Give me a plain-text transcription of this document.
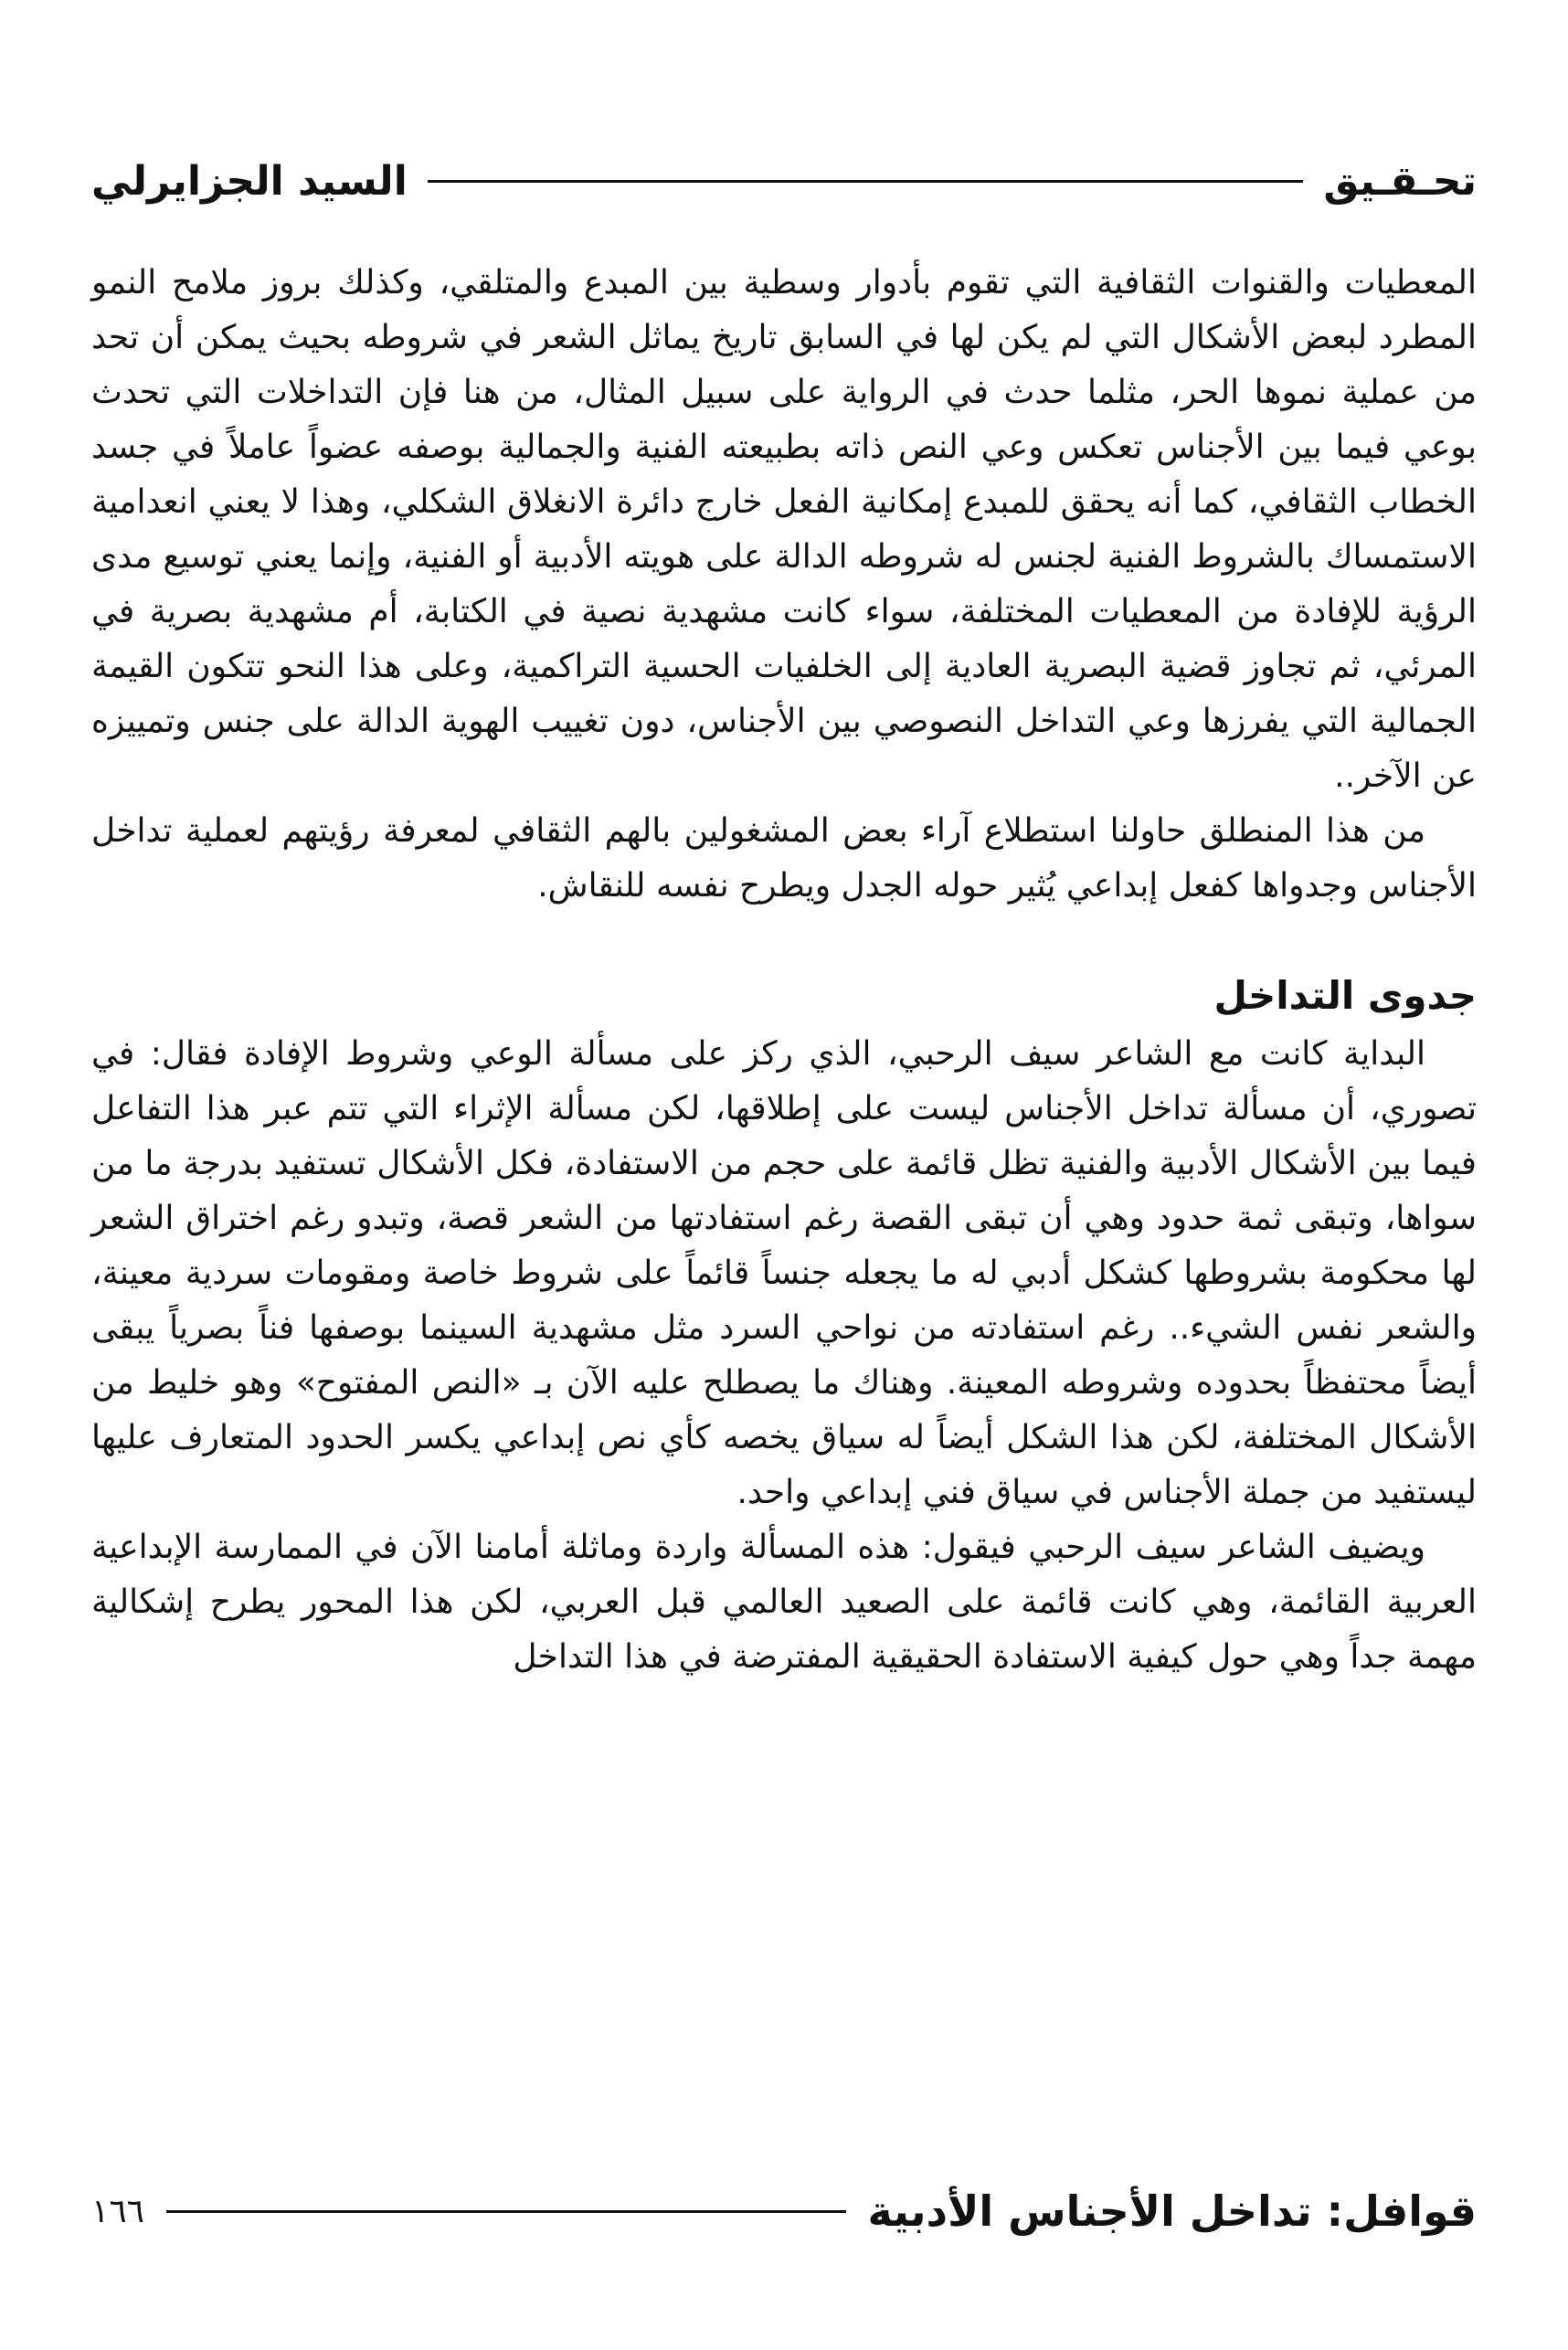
تحـقـيق
السيد الجزايرلي

المعطيات والقنوات الثقافية التي تقوم بأدوار وسطية بين المبدع والمتلقي، وكذلك بروز ملامح النمو المطرد لبعض الأشكال التي لم يكن لها في السابق تاريخ يماثل الشعر في شروطه بحيث يمكن أن تحد من عملية نموها الحر، مثلما حدث في الرواية على سبيل المثال، من هنا فإن التداخلات التي تحدث بوعي فيما بين الأجناس تعكس وعي النص ذاته بطبيعته الفنية والجمالية بوصفه عضواً عاملاً في جسد الخطاب الثقافي، كما أنه يحقق للمبدع إمكانية الفعل خارج دائرة الانغلاق الشكلي، وهذا لا يعني انعدامية الاستمساك بالشروط الفنية لجنس له شروطه الدالة على هويته الأدبية أو الفنية، وإنما يعني توسيع مدى الرؤية للإفادة من المعطيات المختلفة، سواء كانت مشهدية نصية في الكتابة، أم مشهدية بصرية في المرئي، ثم تجاوز قضية البصرية العادية إلى الخلفيات الحسية التراكمية، وعلى هذا النحو تتكون القيمة الجمالية التي يفرزها وعي التداخل النصوصي بين الأجناس، دون تغييب الهوية الدالة على جنس وتمييزه عن الآخر..

من هذا المنطلق حاولنا استطلاع آراء بعض المشغولين بالهم الثقافي لمعرفة رؤيتهم لعملية تداخل الأجناس وجدواها كفعل إبداعي يُثير حوله الجدل ويطرح نفسه للنقاش.

جدوى التداخل

البداية كانت مع الشاعر سيف الرحبي، الذي ركز على مسألة الوعي وشروط الإفادة فقال: في تصوري، أن مسألة تداخل الأجناس ليست على إطلاقها، لكن مسألة الإثراء التي تتم عبر هذا التفاعل فيما بين الأشكال الأدبية والفنية تظل قائمة على حجم من الاستفادة، فكل الأشكال تستفيد بدرجة ما من سواها، وتبقى ثمة حدود وهي أن تبقى القصة رغم استفادتها من الشعر قصة، وتبدو رغم اختراق الشعر لها محكومة بشروطها كشكل أدبي له ما يجعله جنساً قائماً على شروط خاصة ومقومات سردية معينة، والشعر نفس الشيء.. رغم استفادته من نواحي السرد مثل مشهدية السينما بوصفها فناً بصرياً يبقى أيضاً محتفظاً بحدوده وشروطه المعينة. وهناك ما يصطلح عليه الآن بـ «النص المفتوح» وهو خليط من الأشكال المختلفة، لكن هذا الشكل أيضاً له سياق يخصه كأي نص إبداعي يكسر الحدود المتعارف عليها ليستفيد من جملة الأجناس في سياق فني إبداعي واحد.

ويضيف الشاعر سيف الرحبي فيقول: هذه المسألة واردة وماثلة أمامنا الآن في الممارسة الإبداعية العربية القائمة، وهي كانت قائمة على الصعيد العالمي قبل العربي، لكن هذا المحور يطرح إشكالية مهمة جداً وهي حول كيفية الاستفادة الحقيقية المفترضة في هذا التداخل

قوافل: تداخل الأجناس الأدبية
١٦٦
